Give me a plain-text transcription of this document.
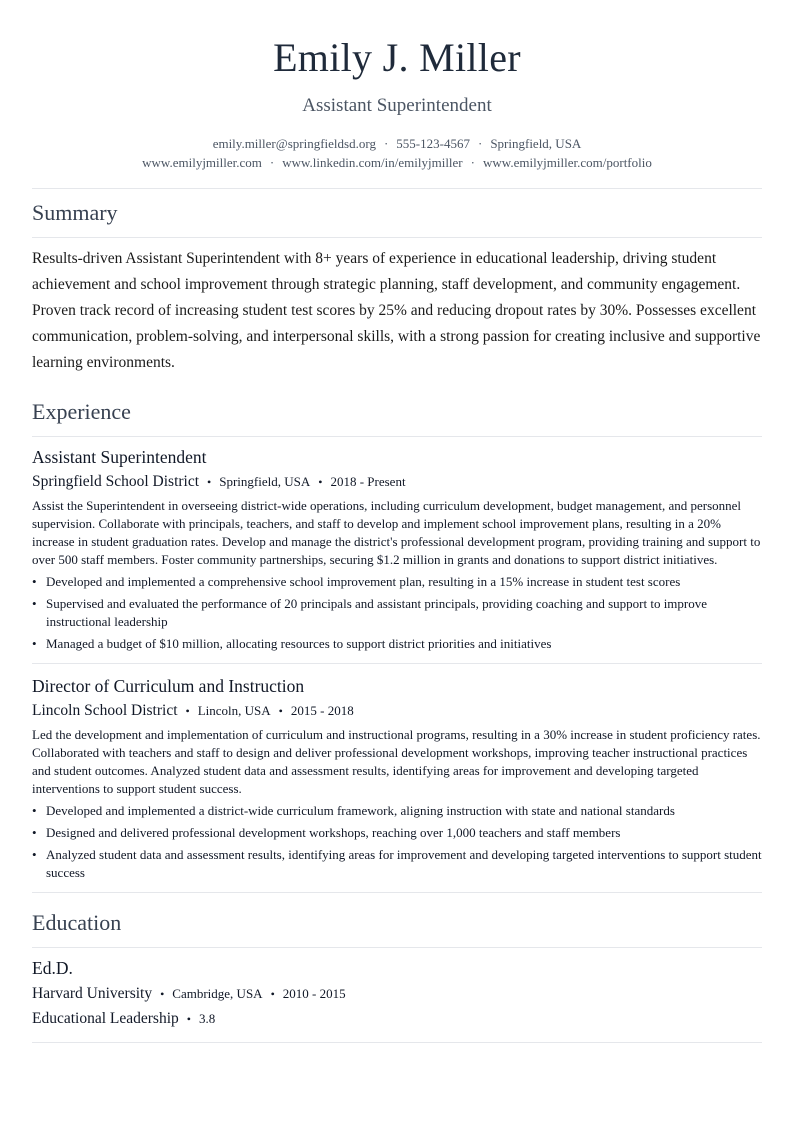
Emily J. Miller
Assistant Superintendent
emily.miller@springfieldsd.org · 555-123-4567 · Springfield, USA
www.emilyjmiller.com · www.linkedin.com/in/emilyjmiller · www.emilyjmiller.com/portfolio
Summary
Results-driven Assistant Superintendent with 8+ years of experience in educational leadership, driving student achievement and school improvement through strategic planning, staff development, and community engagement. Proven track record of increasing student test scores by 25% and reducing dropout rates by 30%. Possesses excellent communication, problem-solving, and interpersonal skills, with a strong passion for creating inclusive and supportive learning environments.
Experience
Assistant Superintendent
Springfield School District • Springfield, USA • 2018 - Present
Assist the Superintendent in overseeing district-wide operations, including curriculum development, budget management, and personnel supervision. Collaborate with principals, teachers, and staff to develop and implement school improvement plans, resulting in a 20% increase in student graduation rates. Develop and manage the district's professional development program, providing training and support to over 500 staff members. Foster community partnerships, securing $1.2 million in grants and donations to support district initiatives.
• Developed and implemented a comprehensive school improvement plan, resulting in a 15% increase in student test scores
• Supervised and evaluated the performance of 20 principals and assistant principals, providing coaching and support to improve instructional leadership
• Managed a budget of $10 million, allocating resources to support district priorities and initiatives
Director of Curriculum and Instruction
Lincoln School District • Lincoln, USA • 2015 - 2018
Led the development and implementation of curriculum and instructional programs, resulting in a 30% increase in student proficiency rates. Collaborated with teachers and staff to design and deliver professional development workshops, improving teacher instructional practices and student outcomes. Analyzed student data and assessment results, identifying areas for improvement and developing targeted interventions to support student success.
• Developed and implemented a district-wide curriculum framework, aligning instruction with state and national standards
• Designed and delivered professional development workshops, reaching over 1,000 teachers and staff members
• Analyzed student data and assessment results, identifying areas for improvement and developing targeted interventions to support student success
Education
Ed.D.
Harvard University • Cambridge, USA • 2010 - 2015
Educational Leadership • 3.8
